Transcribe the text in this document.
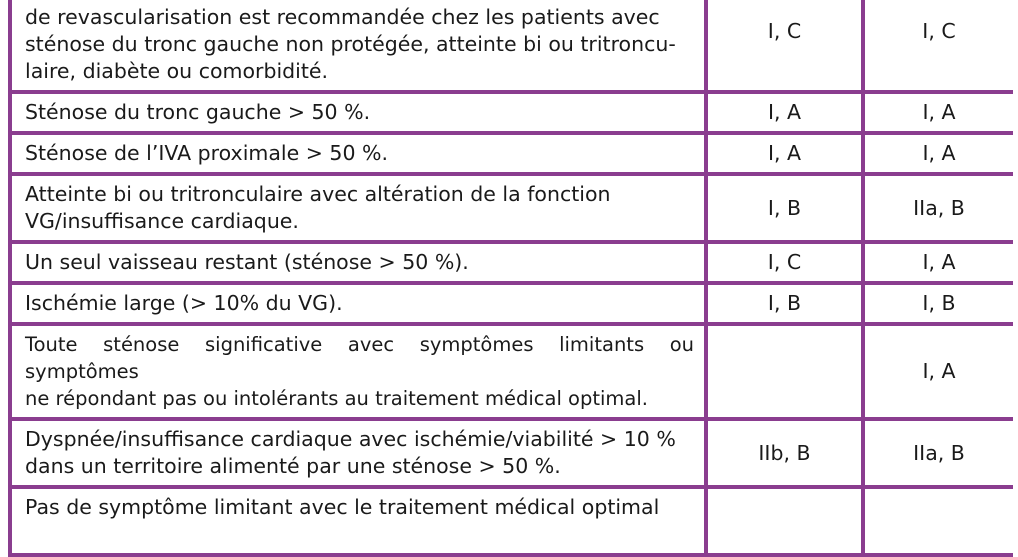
de revascularisation est recommandée chez les patients avec
sténose du tronc gauche non protégée, atteinte bi ou tritroncu-
laire, diabète ou comorbidité.	I, C	I, C
Sténose du tronc gauche > 50 %.	I, A	I, A
Sténose de l’IVA proximale > 50 %.	I, A	I, A
Atteinte bi ou tritronculaire avec altération de la fonction
VG/insuffisance cardiaque.	I, B	IIa, B
Un seul vaisseau restant (sténose > 50 %).	I, C	I, A
Ischémie large (> 10% du VG).	I, B	I, B
Toute sténose significative avec symptômes limitants ou symptômes
ne répondant pas ou intolérants au traitement médical optimal.		I, A
Dyspnée/insuffisance cardiaque avec ischémie/viabilité > 10 %
dans un territoire alimenté par une sténose > 50 %.	IIb, B	IIa, B
Pas de symptôme limitant avec le traitement médical optimal
